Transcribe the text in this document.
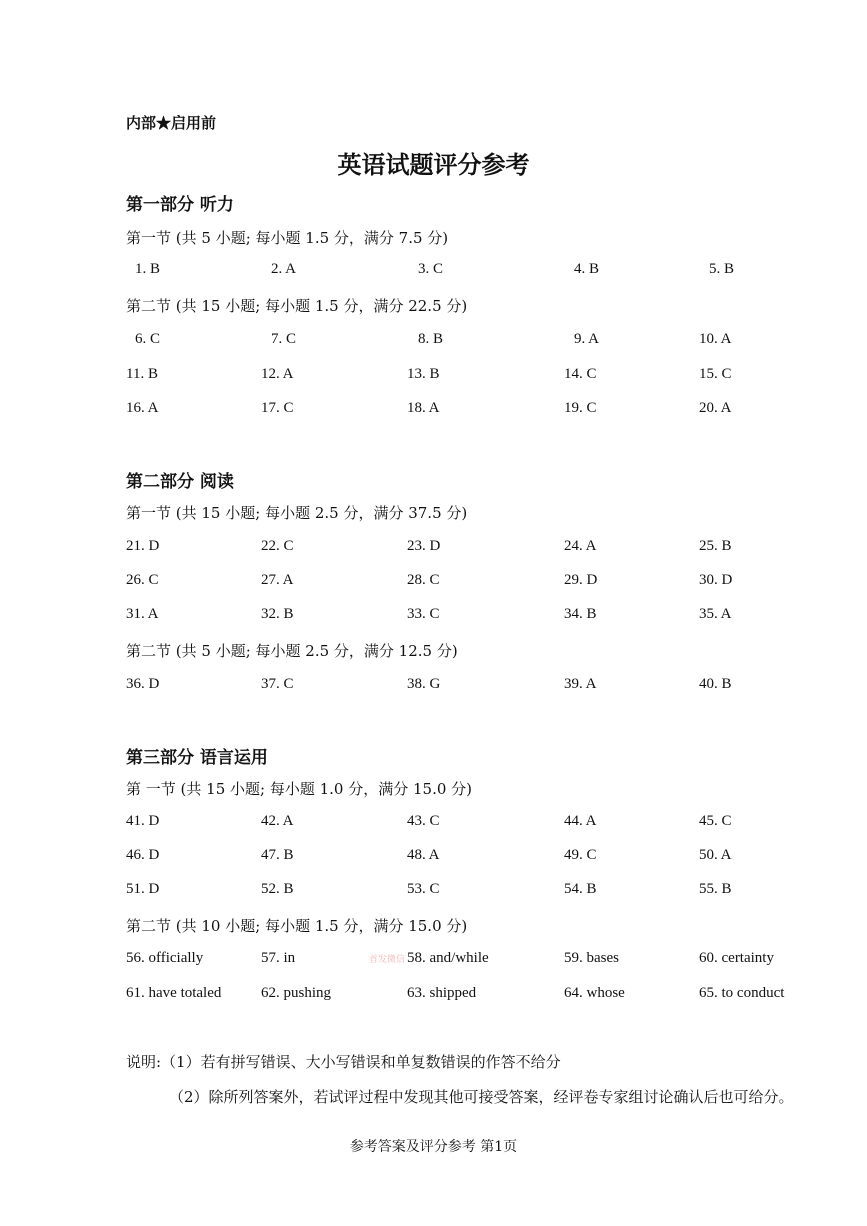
内部★启用前
英语试题评分参考
第一部分 听力
第一节 (共 5 小题; 每小题 1.5 分，满分 7.5 分)
1. B	2. A	3. C	4. B	5. B
第二节 (共 15 小题; 每小题 1.5 分，满分 22.5 分)
6. C	7. C	8. B	9. A	10. A
11. B	12. A	13. B	14. C	15. C
16. A	17. C	18. A	19. C	20. A
第二部分 阅读
第一节 (共 15 小题; 每小题 2.5 分，满分 37.5 分)
21. D	22. C	23. D	24. A	25. B
26. C	27. A	28. C	29. D	30. D
31. A	32. B	33. C	34. B	35. A
第二节 (共 5 小题; 每小题 2.5 分，满分 12.5 分)
36. D	37. C	38. G	39. A	40. B
第三部分 语言运用
第 一节 (共 15 小题; 每小题 1.0 分，满分 15.0 分)
41. D	42. A	43. C	44. A	45. C
46. D	47. B	48. A	49. C	50. A
51. D	52. B	53. C	54. B	55. B
第二节 (共 10 小题; 每小题 1.5 分，满分 15.0 分)
56. officially	57. in	58. and/while	59. bases	60. certainty
61. have totaled	62. pushing	63. shipped	64. whose	65. to conduct
首发微信
说明:（1）若有拼写错误、大小写错误和单复数错误的作答不给分
（2）除所列答案外，若试评过程中发现其他可接受答案，经评卷专家组讨论确认后也可给分。
参考答案及评分参考 第1页
